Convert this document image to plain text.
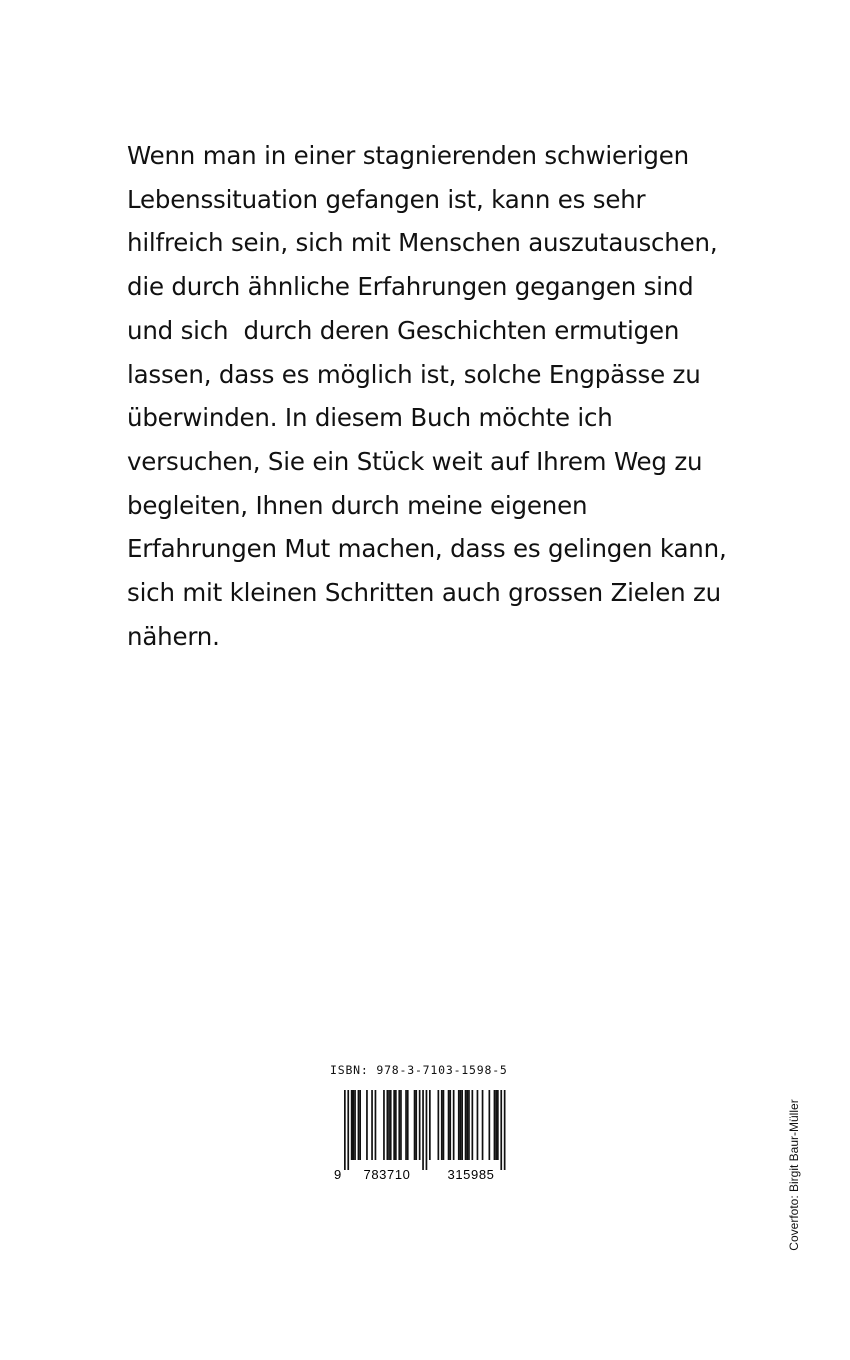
Wenn man in einer stagnierenden schwierigen
Lebenssituation gefangen ist, kann es sehr
hilfreich sein, sich mit Menschen auszutauschen,
die durch ähnliche Erfahrungen gegangen sind
und sich  durch deren Geschichten ermutigen
lassen, dass es möglich ist, solche Engpässe zu
überwinden. In diesem Buch möchte ich
versuchen, Sie ein Stück weit auf Ihrem Weg zu
begleiten, Ihnen durch meine eigenen
Erfahrungen Mut machen, dass es gelingen kann,
sich mit kleinen Schritten auch grossen Zielen zu
nähern.
ISBN: 978-3-7103-1598-5
9 783710	315985	Coverfoto: Birgit Baur-Müller
